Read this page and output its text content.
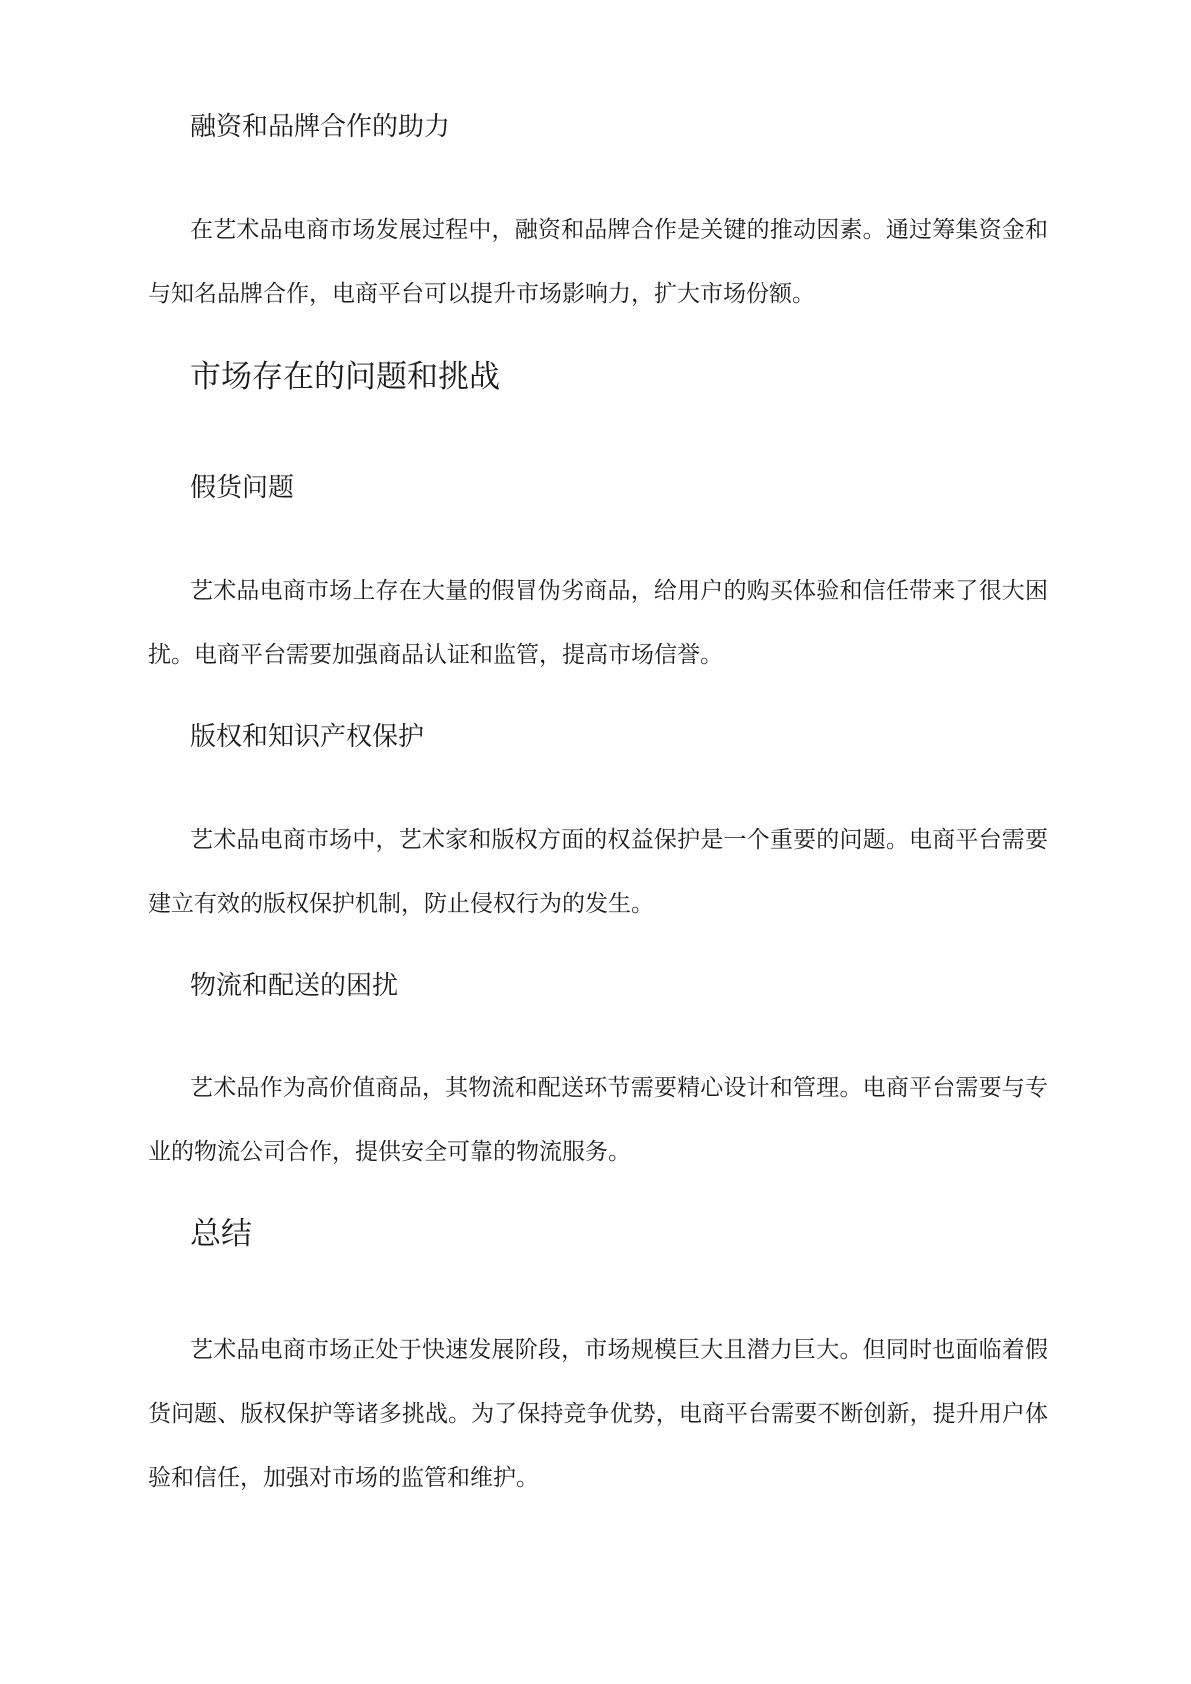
融资和品牌合作的助力

在艺术品电商市场发展过程中，融资和品牌合作是关键的推动因素。通过筹集资金和与知名品牌合作，电商平台可以提升市场影响力，扩大市场份额。

市场存在的问题和挑战
假货问题

艺术品电商市场上存在大量的假冒伪劣商品，给用户的购买体验和信任带来了很大困扰。电商平台需要加强商品认证和监管，提高市场信誉。

版权和知识产权保护

艺术品电商市场中，艺术家和版权方面的权益保护是一个重要的问题。电商平台需要建立有效的版权保护机制，防止侵权行为的发生。

物流和配送的困扰

艺术品作为高价值商品，其物流和配送环节需要精心设计和管理。电商平台需要与专业的物流公司合作，提供安全可靠的物流服务。

总结

艺术品电商市场正处于快速发展阶段，市场规模巨大且潜力巨大。但同时也面临着假货问题、版权保护等诸多挑战。为了保持竞争优势，电商平台需要不断创新，提升用户体验和信任，加强对市场的监管和维护。
